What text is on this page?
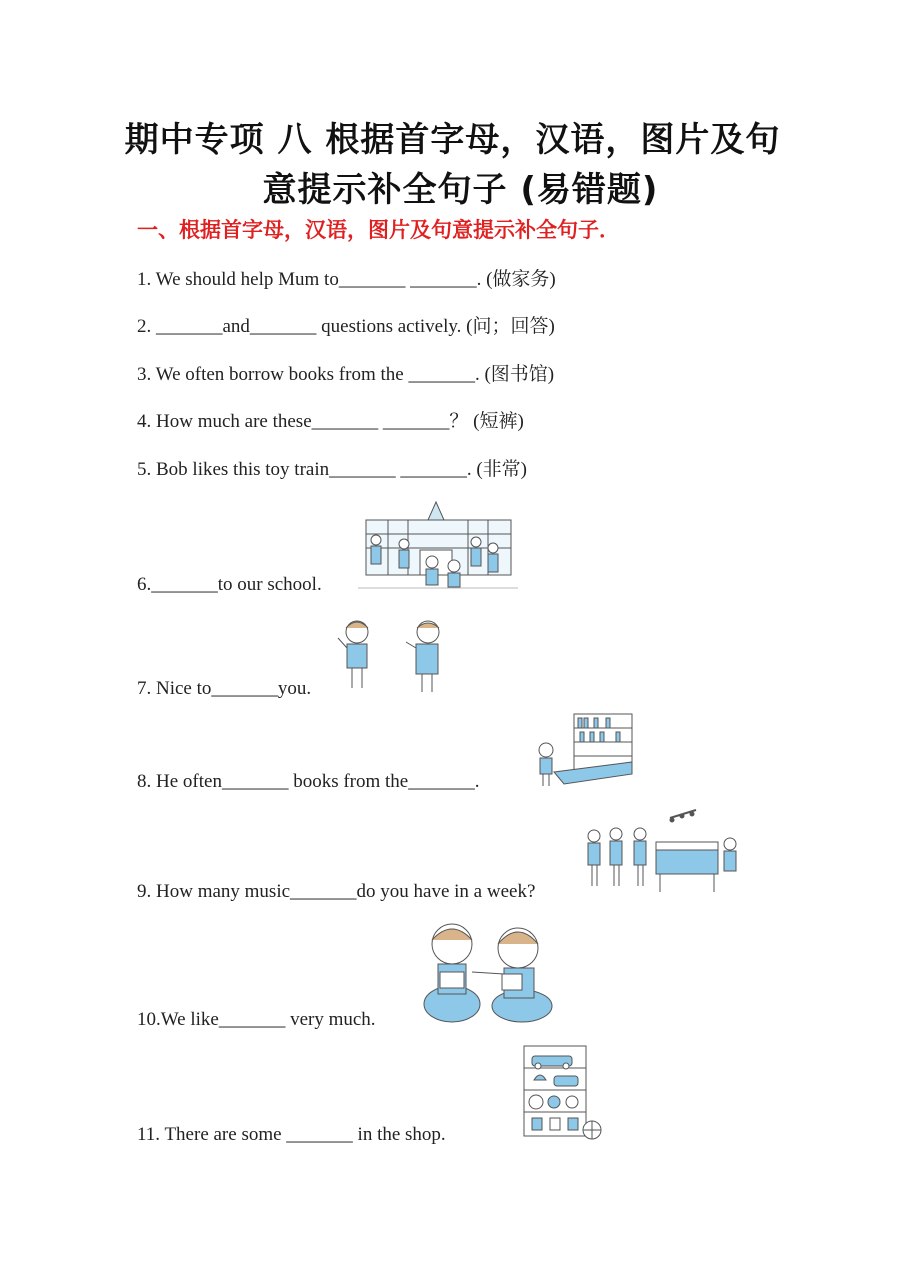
期中专项 八 根据首字母，汉语，图片及句
意提示补全句子 (易错题)
一、根据首字母，汉语，图片及句意提示补全句子．
1. We should help Mum to_______ _______. (做家务)
2. _______and_______ questions actively. (问；回答)
3. We often borrow books from the _______. (图书馆)
4. How much are these_______ _______？ (短裤)
5. Bob likes this toy train_______ _______. (非常)
6._______to our school.
7. Nice to_______you.
8. He often_______ books from the_______.
9. How many music_______do you have in a week?
10.We like_______ very much.
11. There are some _______ in the shop.
